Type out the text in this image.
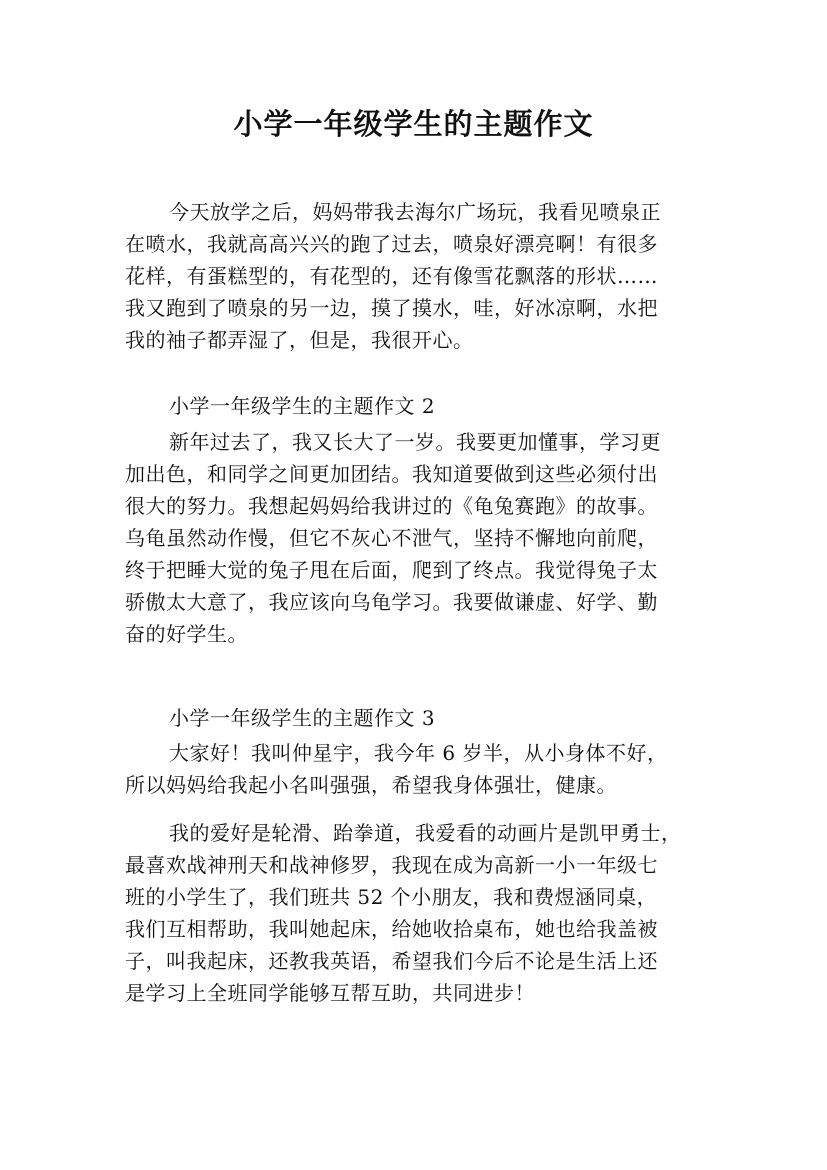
小学一年级学生的主题作文
今天放学之后，妈妈带我去海尔广场玩，我看见喷泉正
在喷水，我就高高兴兴的跑了过去，喷泉好漂亮啊！有很多
花样，有蛋糕型的，有花型的，还有像雪花飘落的形状……
我又跑到了喷泉的另一边，摸了摸水，哇，好冰凉啊，水把
我的袖子都弄湿了，但是，我很开心。
小学一年级学生的主题作文 2
新年过去了，我又长大了一岁。我要更加懂事，学习更
加出色，和同学之间更加团结。我知道要做到这些必须付出
很大的努力。我想起妈妈给我讲过的《龟兔赛跑》的故事。
乌龟虽然动作慢，但它不灰心不泄气，坚持不懈地向前爬，
终于把睡大觉的兔子甩在后面，爬到了终点。我觉得兔子太
骄傲太大意了，我应该向乌龟学习。我要做谦虚、好学、勤
奋的好学生。
小学一年级学生的主题作文 3
大家好！我叫仲星宇，我今年 6 岁半，从小身体不好，
所以妈妈给我起小名叫强强，希望我身体强壮，健康。
我的爱好是轮滑、跆拳道，我爱看的动画片是凯甲勇士，
最喜欢战神刑天和战神修罗，我现在成为高新一小一年级七
班的小学生了，我们班共 52 个小朋友，我和费煜涵同桌，
我们互相帮助，我叫她起床，给她收拾桌布，她也给我盖被
子，叫我起床，还教我英语，希望我们今后不论是生活上还
是学习上全班同学能够互帮互助，共同进步！
